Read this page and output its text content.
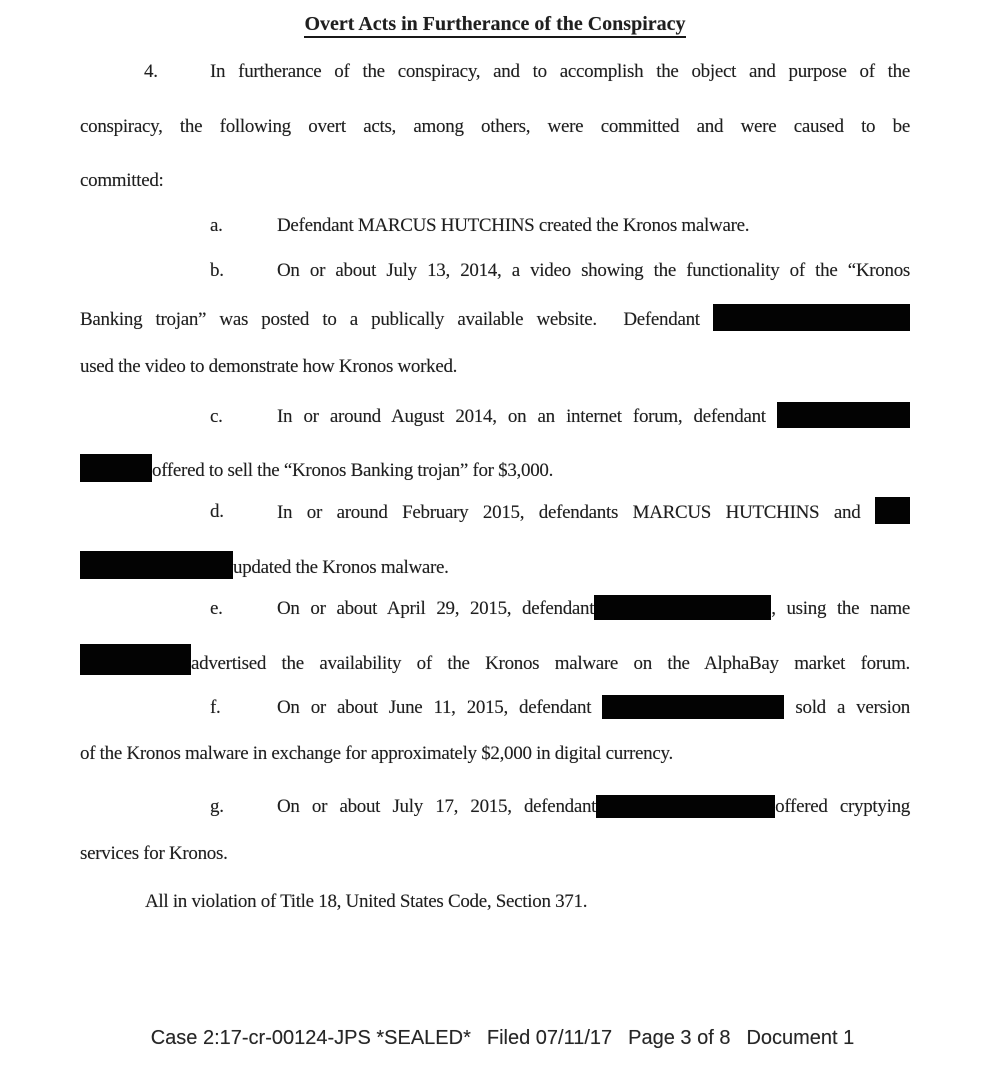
Overt Acts in Furtherance of the Conspiracy
4.	In furtherance of the conspiracy, and to accomplish the object and purpose of the
conspiracy, the following overt acts, among others, were committed and were caused to be
committed:
a.	Defendant MARCUS HUTCHINS created the Kronos malware.
b.	On or about July 13, 2014, a video showing the functionality of the “Kronos
Banking trojan” was posted to a publically available website.  Defendant
used the video to demonstrate how Kronos worked.
c.	In or around August 2014, on an internet forum, defendant
offered to sell the “Kronos Banking trojan” for $3,000.
d.	In or around February 2015, defendants MARCUS HUTCHINS and
updated the Kronos malware.
e.	On or about April 29, 2015, defendant	, using the name
advertised the availability of the Kronos malware on the AlphaBay market forum.
f.	On or about June 11, 2015, defendant	sold a version
of the Kronos malware in exchange for approximately $2,000 in digital currency.
g.	On or about July 17, 2015, defendant	offered cryptying
services for Kronos.
All in violation of Title 18, United States Code, Section 371.
Case 2:17-cr-00124-JPS *SEALED* Filed 07/11/17 Page 3 of 8 Document 1
